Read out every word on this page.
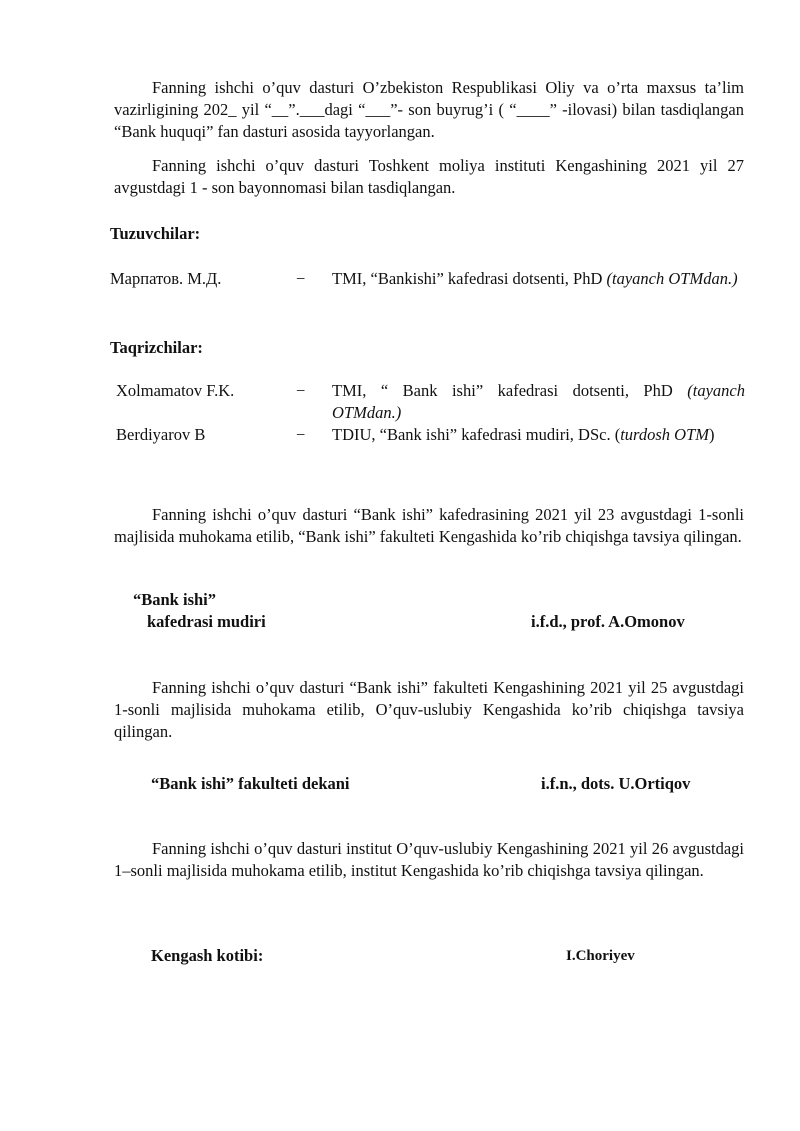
Fanning ishchi o’quv dasturi O’zbekiston Respublikasi Oliy va o’rta maxsus ta’lim vazirligining 202_ yil “__”.___dagi “___”- son buyrug’i ( “____” -ilovasi) bilan tasdiqlangan “Bank huquqi” fan dasturi asosida tayyorlangan.

Fanning ishchi o’quv dasturi Toshkent moliya instituti Kengashining 2021 yil 27 avgustdagi 1 - son bayonnomasi bilan tasdiqlangan.

Tuzuvchilar:

Марпатов. М.Д.	− TMI, “Bankishi” kafedrasi dotsenti, PhD (tayanch OTMdan.)

Taqrizchilar:

Xolmamatov F.K.	− TMI, “ Bank ishi” kafedrasi dotsenti, PhD (tayanch OTMdan.)
Berdiyarov B	− TDIU, “Bank ishi” kafedrasi mudiri, DSc. (turdosh OTM)

Fanning ishchi o’quv dasturi “Bank ishi” kafedrasining 2021 yil 23 avgustdagi 1-sonli majlisida muhokama etilib, “Bank ishi” fakulteti Kengashida ko’rib chiqishga tavsiya qilingan.

“Bank ishi”
kafedrasi mudiri	i.f.d., prof. A.Omonov

Fanning ishchi o’quv dasturi “Bank ishi” fakulteti Kengashining 2021 yil 25 avgustdagi 1-sonli majlisida muhokama etilib, O’quv-uslubiy Kengashida ko’rib chiqishga tavsiya qilingan.

“Bank ishi” fakulteti dekani	i.f.n., dots. U.Ortiqov

Fanning ishchi o’quv dasturi institut O’quv-uslubiy Kengashining 2021 yil 26 avgustdagi 1–sonli majlisida muhokama etilib, institut Kengashida ko’rib chiqishga tavsiya qilingan.

Kengash kotibi:	I.Choriyev
